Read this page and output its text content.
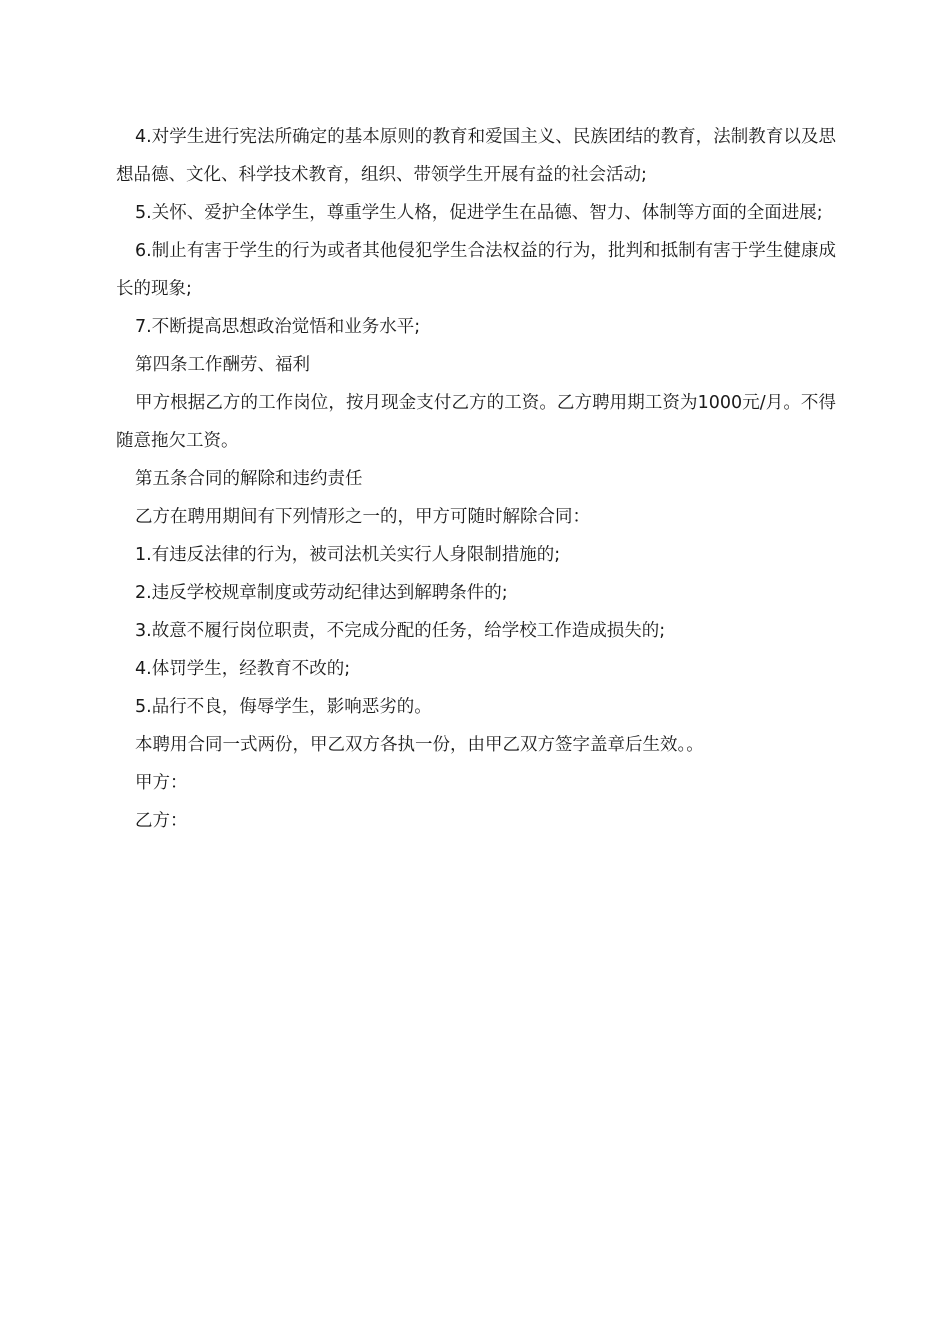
4.对学生进行宪法所确定的基本原则的教育和爱国主义、民族团结的教育，法制教育以及思想品德、文化、科学技术教育，组织、带领学生开展有益的社会活动;

5.关怀、爱护全体学生，尊重学生人格，促进学生在品德、智力、体制等方面的全面进展;

6.制止有害于学生的行为或者其他侵犯学生合法权益的行为，批判和抵制有害于学生健康成长的现象;

7.不断提高思想政治觉悟和业务水平;

第四条工作酬劳、福利

甲方根据乙方的工作岗位，按月现金支付乙方的工资。乙方聘用期工资为1000元/月。不得随意拖欠工资。

第五条合同的解除和违约责任

乙方在聘用期间有下列情形之一的，甲方可随时解除合同：

1.有违反法律的行为，被司法机关实行人身限制措施的;

2.违反学校规章制度或劳动纪律达到解聘条件的;

3.故意不履行岗位职责，不完成分配的任务，给学校工作造成损失的;

4.体罚学生，经教育不改的;

5.品行不良，侮辱学生，影响恶劣的。

本聘用合同一式两份，甲乙双方各执一份，由甲乙双方签字盖章后生效。。

甲方：

乙方：
